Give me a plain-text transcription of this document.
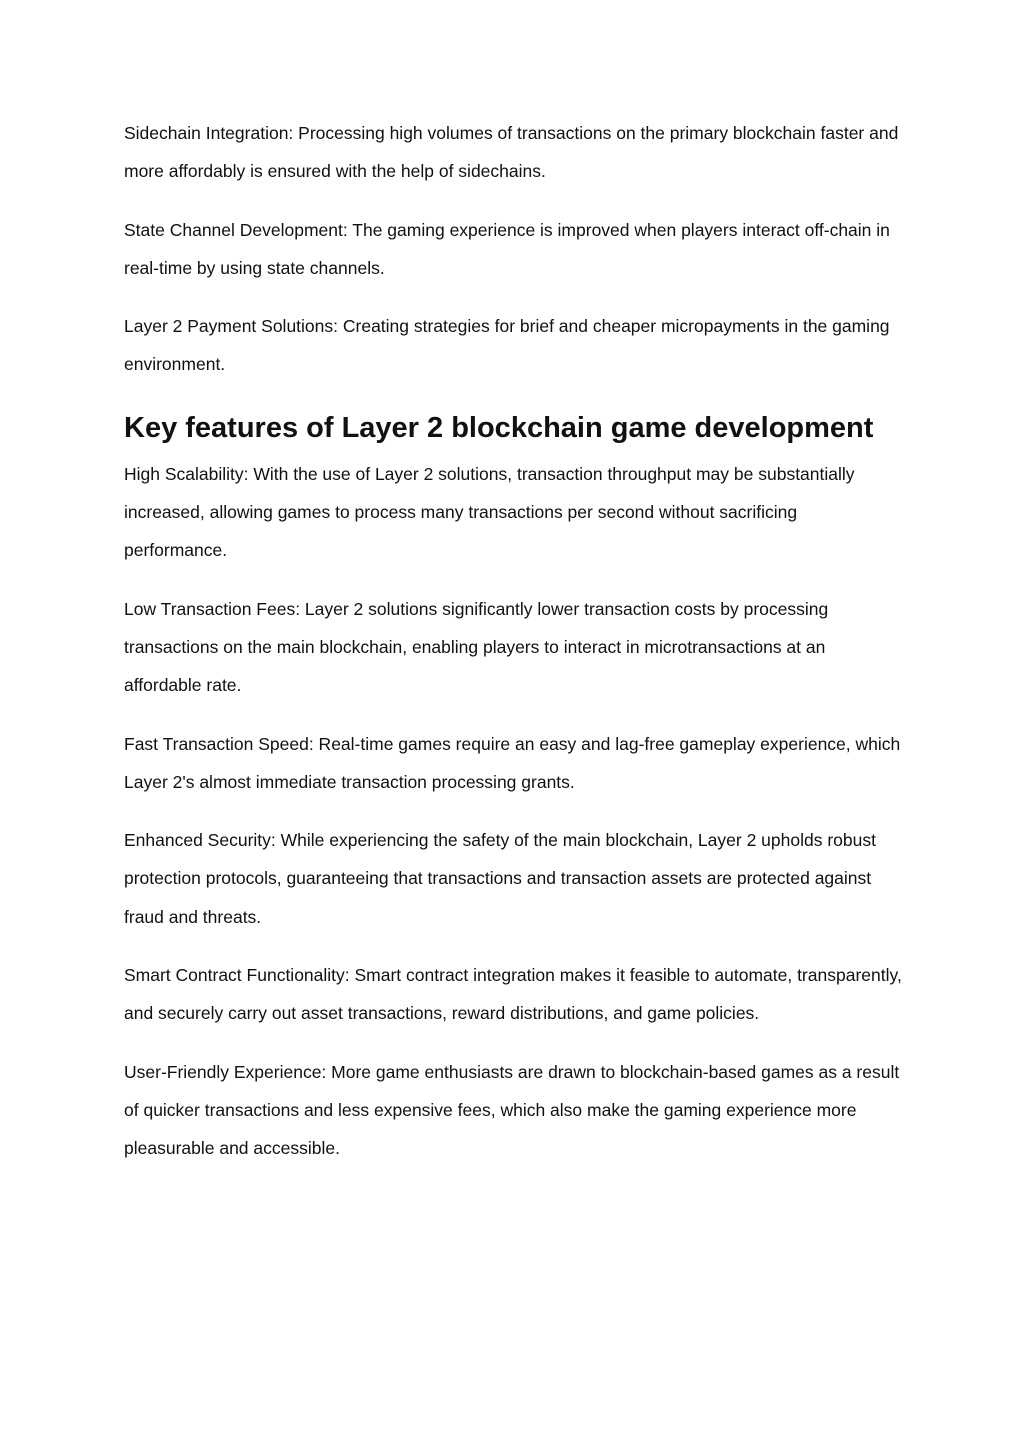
Sidechain Integration: Processing high volumes of transactions on the primary blockchain faster and more affordably is ensured with the help of sidechains.

State Channel Development: The gaming experience is improved when players interact off-chain in real-time by using state channels.

Layer 2 Payment Solutions: Creating strategies for brief and cheaper micropayments in the gaming environment.

Key features of Layer 2 blockchain game development

High Scalability: With the use of Layer 2 solutions, transaction throughput may be substantially increased, allowing games to process many transactions per second without sacrificing performance.

Low Transaction Fees: Layer 2 solutions significantly lower transaction costs by processing transactions on the main blockchain, enabling players to interact in microtransactions at an affordable rate.

Fast Transaction Speed: Real-time games require an easy and lag-free gameplay experience, which Layer 2's almost immediate transaction processing grants.

Enhanced Security: While experiencing the safety of the main blockchain, Layer 2 upholds robust protection protocols, guaranteeing that transactions and transaction assets are protected against fraud and threats.

Smart Contract Functionality: Smart contract integration makes it feasible to automate, transparently, and securely carry out asset transactions, reward distributions, and game policies.

User-Friendly Experience: More game enthusiasts are drawn to blockchain-based games as a result of quicker transactions and less expensive fees, which also make the gaming experience more pleasurable and accessible.
